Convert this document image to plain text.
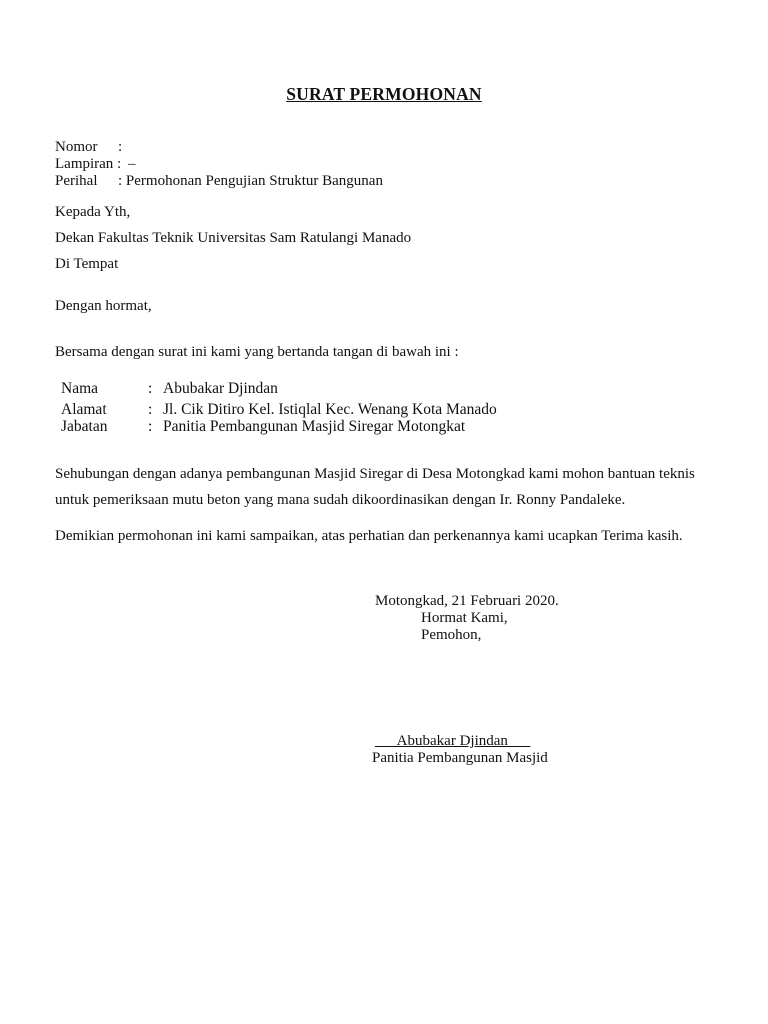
SURAT PERMOHONAN
Nomor :
Lampiran : –
Perihal : Permohonan Pengujian Struktur Bangunan
Kepada Yth,
Dekan Fakultas Teknik Universitas Sam Ratulangi Manado
Di Tempat
Dengan hormat,
Bersama dengan surat ini kami yang bertanda tangan di bawah ini :
Nama	: Abubakar Djindan
Alamat	: Jl. Cik Ditiro Kel. Istiqlal Kec. Wenang Kota Manado
Jabatan	: Panitia Pembangunan Masjid Siregar Motongkat
Sehubungan dengan adanya pembangunan Masjid Siregar di Desa Motongkad kami mohon bantuan teknis
untuk pemeriksaan mutu beton yang mana sudah dikoordinasikan dengan Ir. Ronny Pandaleke.
Demikian permohonan ini kami sampaikan, atas perhatian dan perkenannya kami ucapkan Terima kasih.
Motongkad, 21 Februari 2020.
Hormat Kami,
Pemohon,
Abubakar Djindan
Panitia Pembangunan Masjid
